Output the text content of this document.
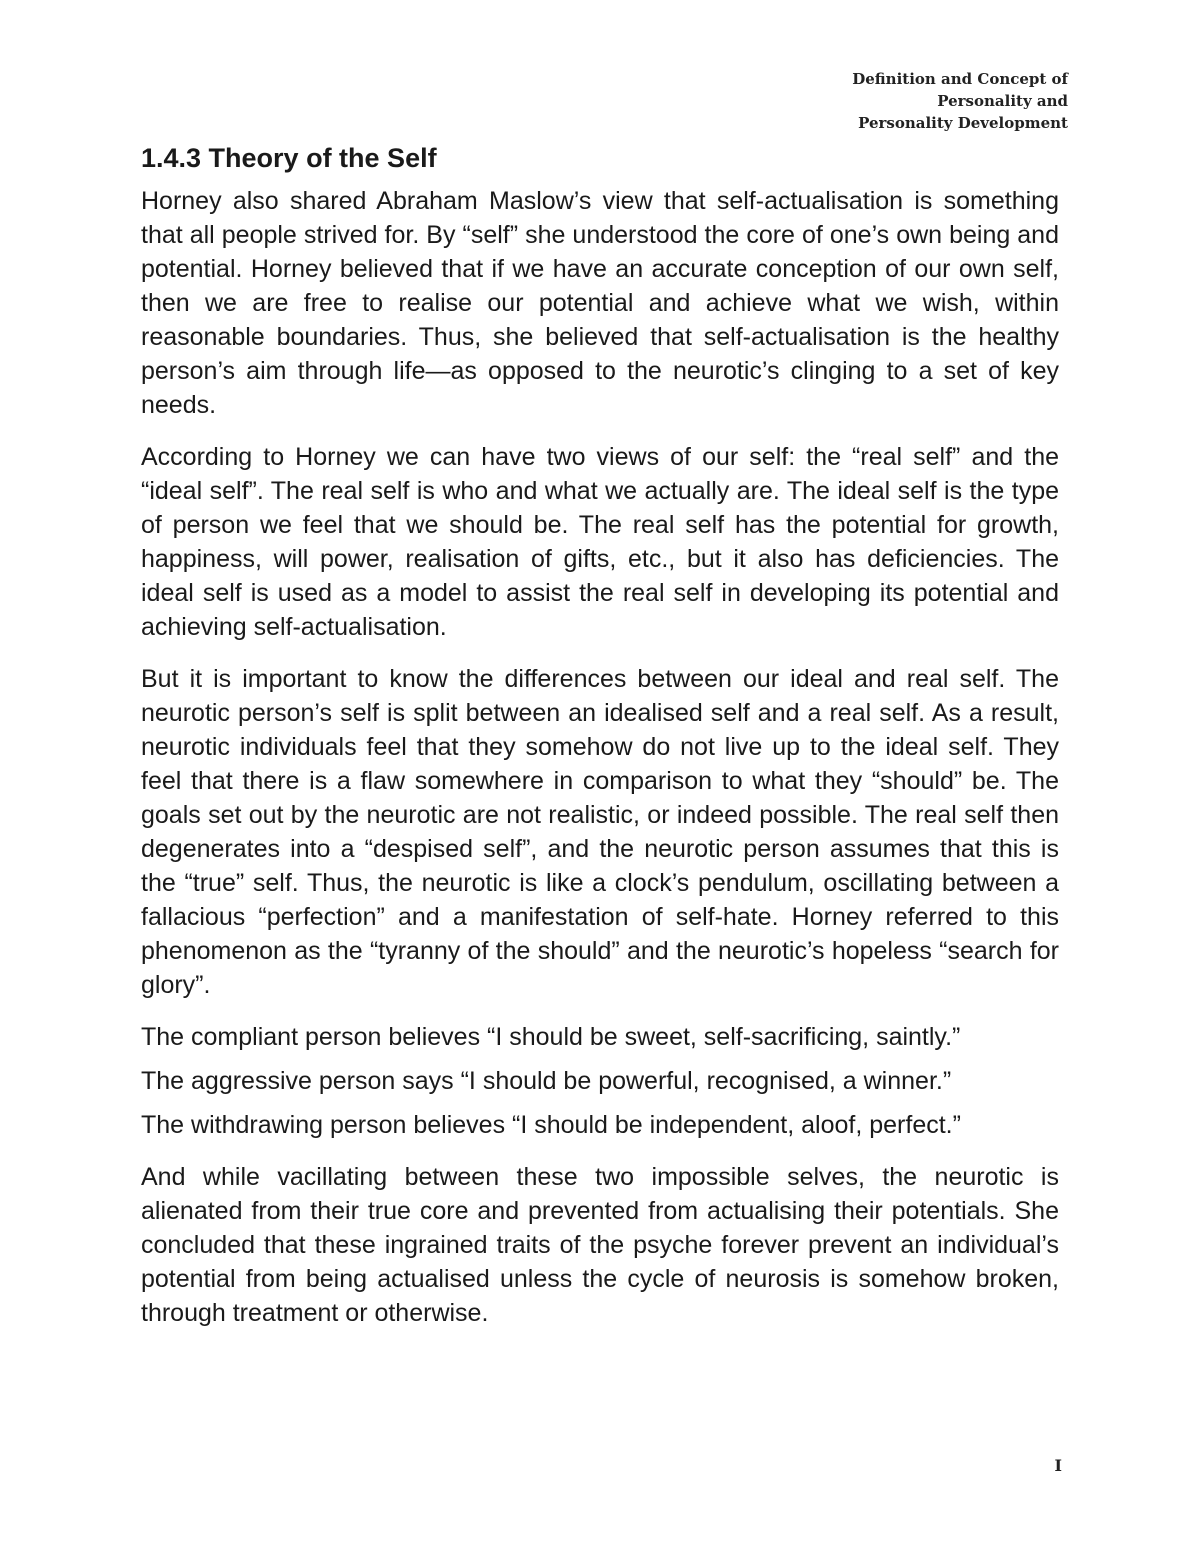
Definition and Concept of
Personality and
Personality Development
1.4.3 Theory of the Self

Horney also shared Abraham Maslow’s view that self-actualisation is something that all people strived for. By “self” she understood the core of one’s own being and potential. Horney believed that if we have an accurate conception of our own self, then we are free to realise our potential and achieve what we wish, within reasonable boundaries. Thus, she believed that self-actualisation is the healthy person’s aim through life—as opposed to the neurotic’s clinging to a set of key needs.

According to Horney we can have two views of our self: the “real self” and the “ideal self”. The real self is who and what we actually are. The ideal self is the type of person we feel that we should be. The real self has the potential for growth, happiness, will power, realisation of gifts, etc., but it also has deficiencies. The ideal self is used as a model to assist the real self in developing its potential and achieving self-actualisation.

But it is important to know the differences between our ideal and real self. The neurotic person’s self is split between an idealised self and a real self. As a result, neurotic individuals feel that they somehow do not live up to the ideal self. They feel that there is a flaw somewhere in comparison to what they “should” be. The goals set out by the neurotic are not realistic, or indeed possible. The real self then degenerates into a “despised self”, and the neurotic person assumes that this is the “true” self. Thus, the neurotic is like a clock’s pendulum, oscillating between a fallacious “perfection” and a manifestation of self-hate. Horney referred to this phenomenon as the “tyranny of the should” and the neurotic’s hopeless “search for glory”.

The compliant person believes “I should be sweet, self-sacrificing, saintly.”

The aggressive person says “I should be powerful, recognised, a winner.”

The withdrawing person believes “I should be independent, aloof, perfect.”

And while vacillating between these two impossible selves, the neurotic is alienated from their true core and prevented from actualising their potentials. She concluded that these ingrained traits of the psyche forever prevent an individual’s potential from being actualised unless the cycle of neurosis is somehow broken, through treatment or otherwise.

I
